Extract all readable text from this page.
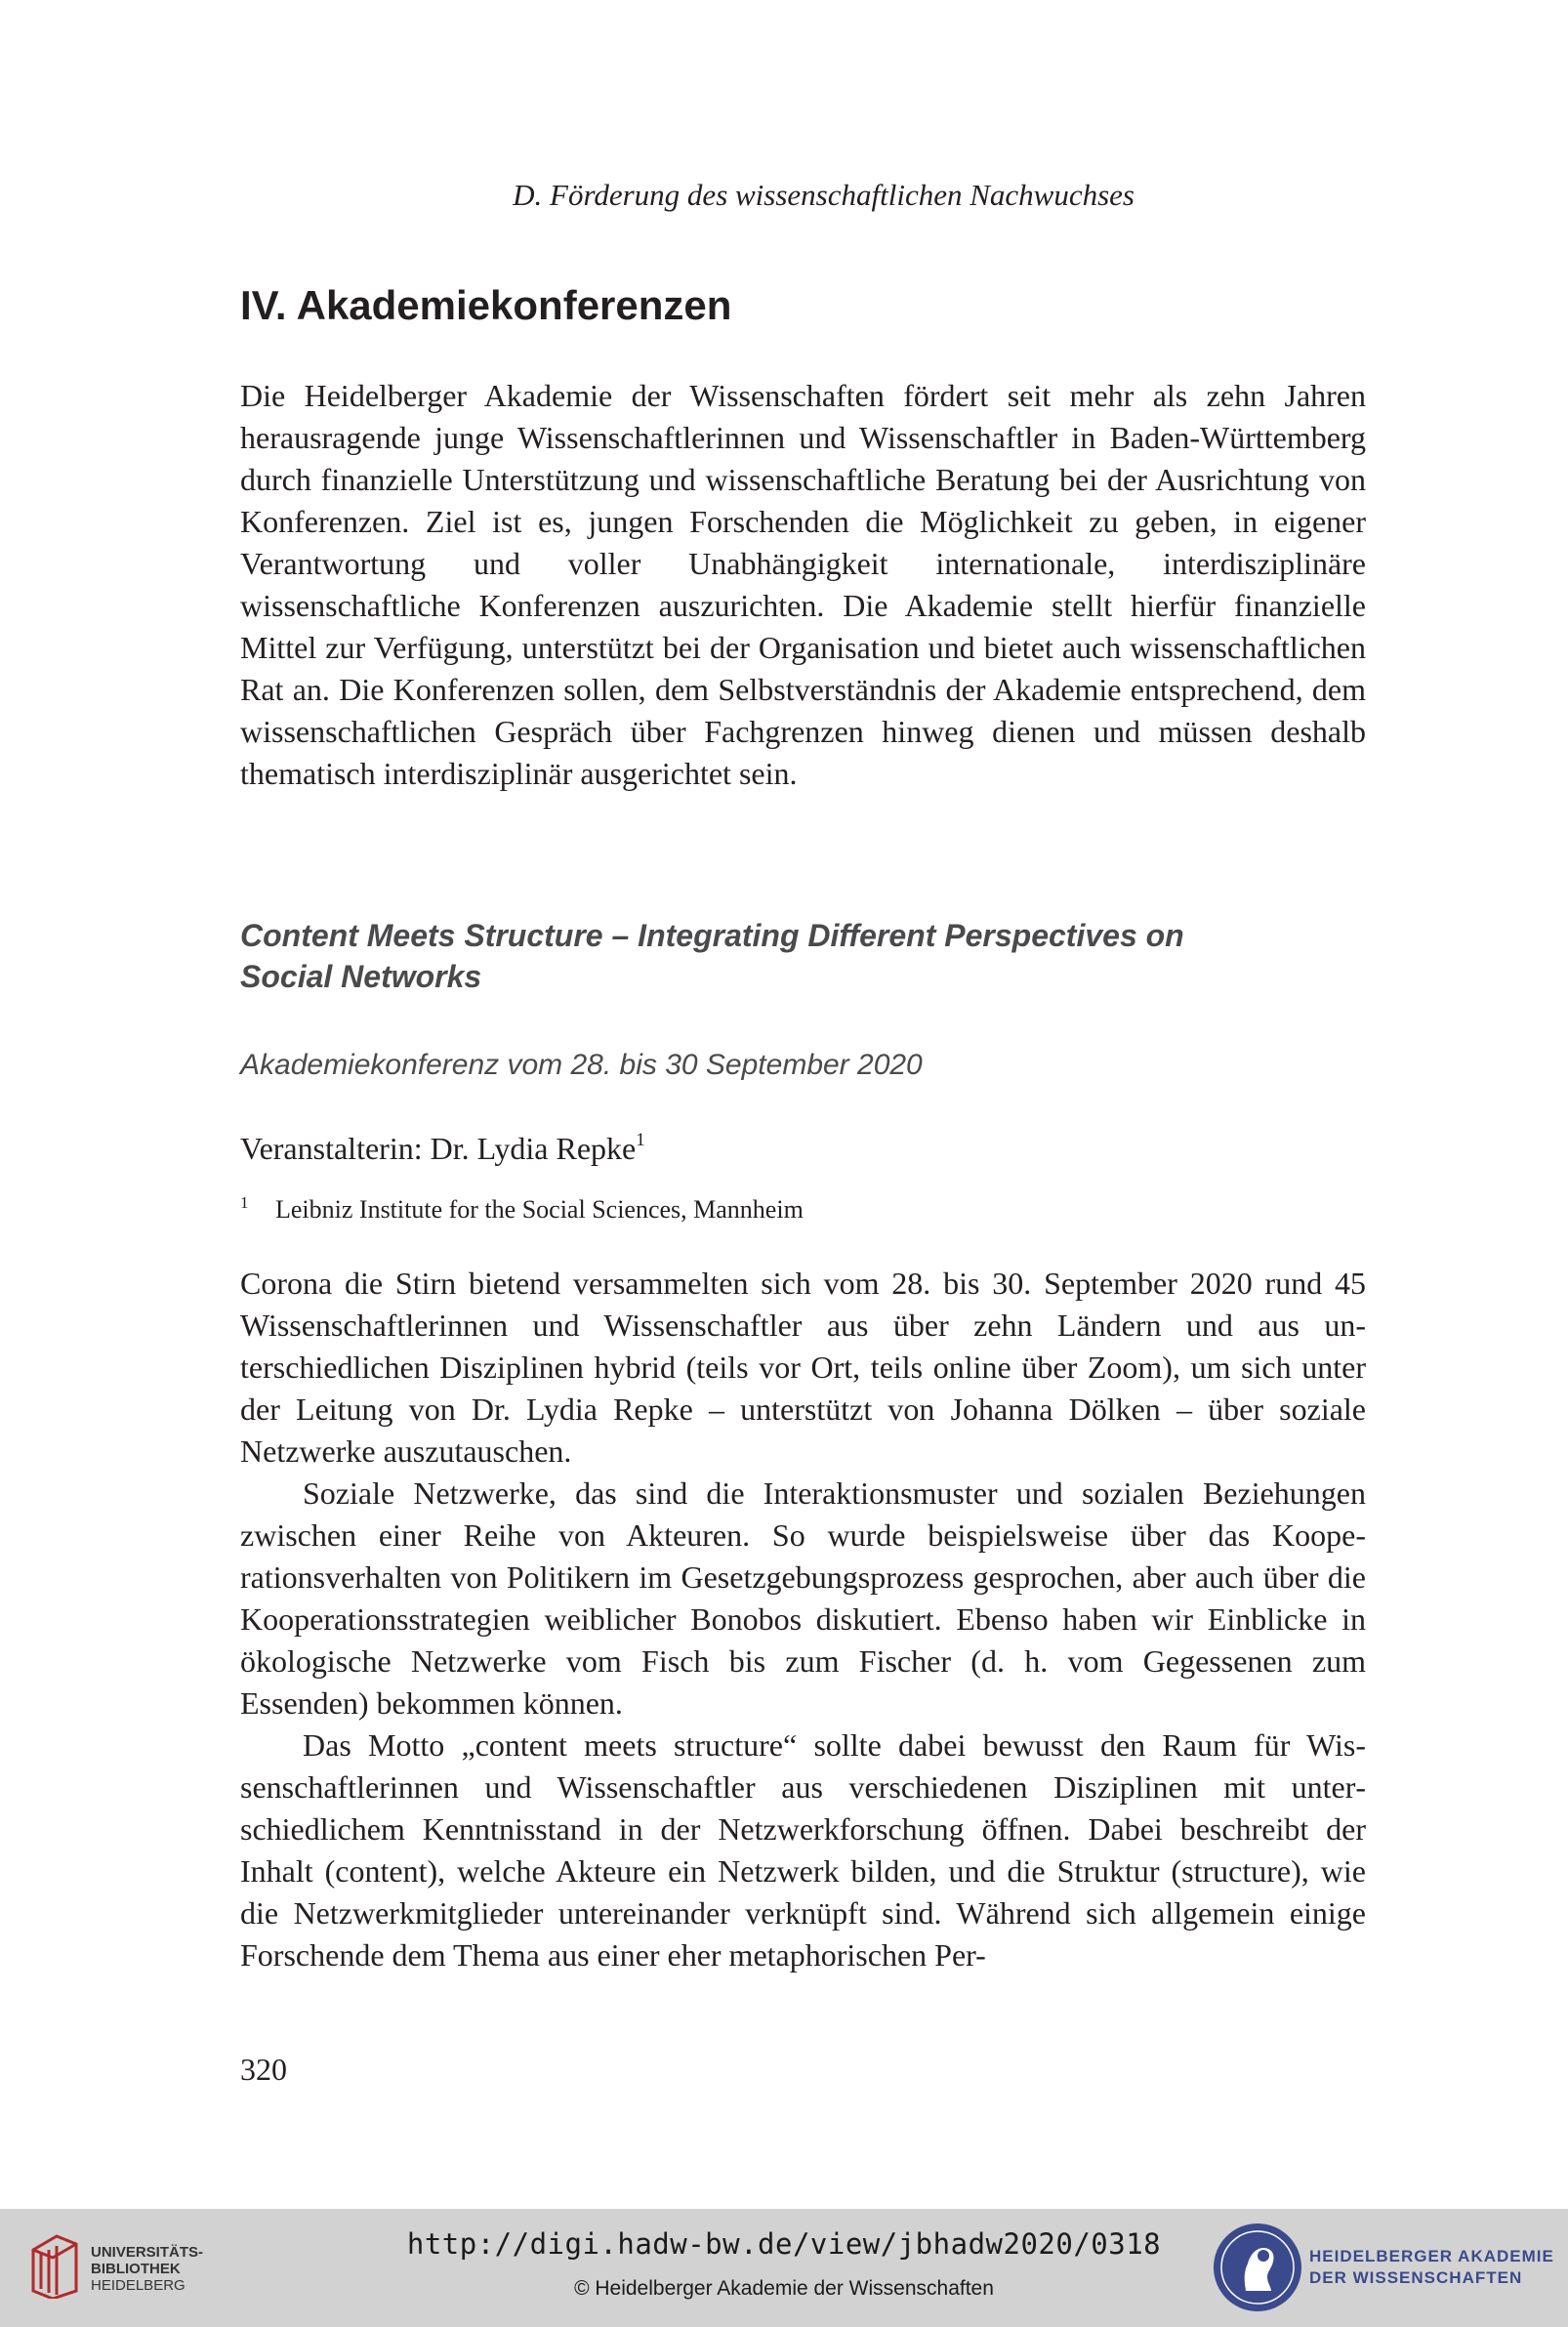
D. Förderung des wissenschaftlichen Nachwuchses
IV. Akademiekonferenzen

Die Heidelberger Akademie der Wissenschaften fördert seit mehr als zehn Jahren herausragende junge Wissenschaftlerinnen und Wissenschaftler in Baden-Württemberg durch finanzielle Unterstützung und wissenschaftliche Beratung bei der Ausrichtung von Konferenzen. Ziel ist es, jungen Forschenden die Möglichkeit zu geben, in eigener Verantwortung und voller Unabhängigkeit internationale, interdisziplinäre wissenschaftliche Konferenzen auszurichten. Die Akademie stellt hierfür finanzielle Mittel zur Verfügung, unterstützt bei der Organisation und bietet auch wissenschaftlichen Rat an. Die Konferenzen sollen, dem Selbstverständnis der Akademie entsprechend, dem wissenschaftlichen Gespräch über Fachgrenzen hinweg dienen und müssen deshalb thematisch interdisziplinär ausgerichtet sein.

Content Meets Structure – Integrating Different Perspectives on
Social Networks
Akademiekonferenz vom 28. bis 30 September 2020
Veranstalterin: Dr. Lydia Repke$^1$
1 Leibniz Institute for the Social Sciences, Mannheim

Corona die Stirn bietend versammelten sich vom 28. bis 30. September 2020 rund 45 Wissenschaftlerinnen und Wissenschaftler aus über zehn Ländern und aus unterschiedlichen Disziplinen hybrid (teils vor Ort, teils online über Zoom), um sich unter der Leitung von Dr. Lydia Repke – unterstützt von Johanna Dölken – über soziale Netzwerke auszutauschen.

Soziale Netzwerke, das sind die Interaktionsmuster und sozialen Beziehungen zwischen einer Reihe von Akteuren. So wurde beispielsweise über das Kooperationsverhalten von Politikern im Gesetzgebungsprozess gesprochen, aber auch über die Kooperationsstrategien weiblicher Bonobos diskutiert. Ebenso haben wir Einblicke in ökologische Netzwerke vom Fisch bis zum Fischer (d. h. vom Gegessenen zum Essenden) bekommen können.

Das Motto „content meets structure“ sollte dabei bewusst den Raum für Wissenschaftlerinnen und Wissenschaftler aus verschiedenen Disziplinen mit unterschiedlichem Kenntnisstand in der Netzwerkforschung öffnen. Dabei beschreibt der Inhalt (content), welche Akteure ein Netzwerk bilden, und die Struktur (structure), wie die Netzwerkmitglieder untereinander verknüpft sind. Während sich allgemein einige Forschende dem Thema aus einer eher metaphorischen Per-

320
UNIVERSITÄTS-
BIBLIOTHEK
HEIDELBERG
http://digi.hadw-bw.de/view/jbhadw2020/0318
© Heidelberger Akademie der Wissenschaften
HEIDELBERGER AKADEMIE
DER WISSENSCHAFTEN
